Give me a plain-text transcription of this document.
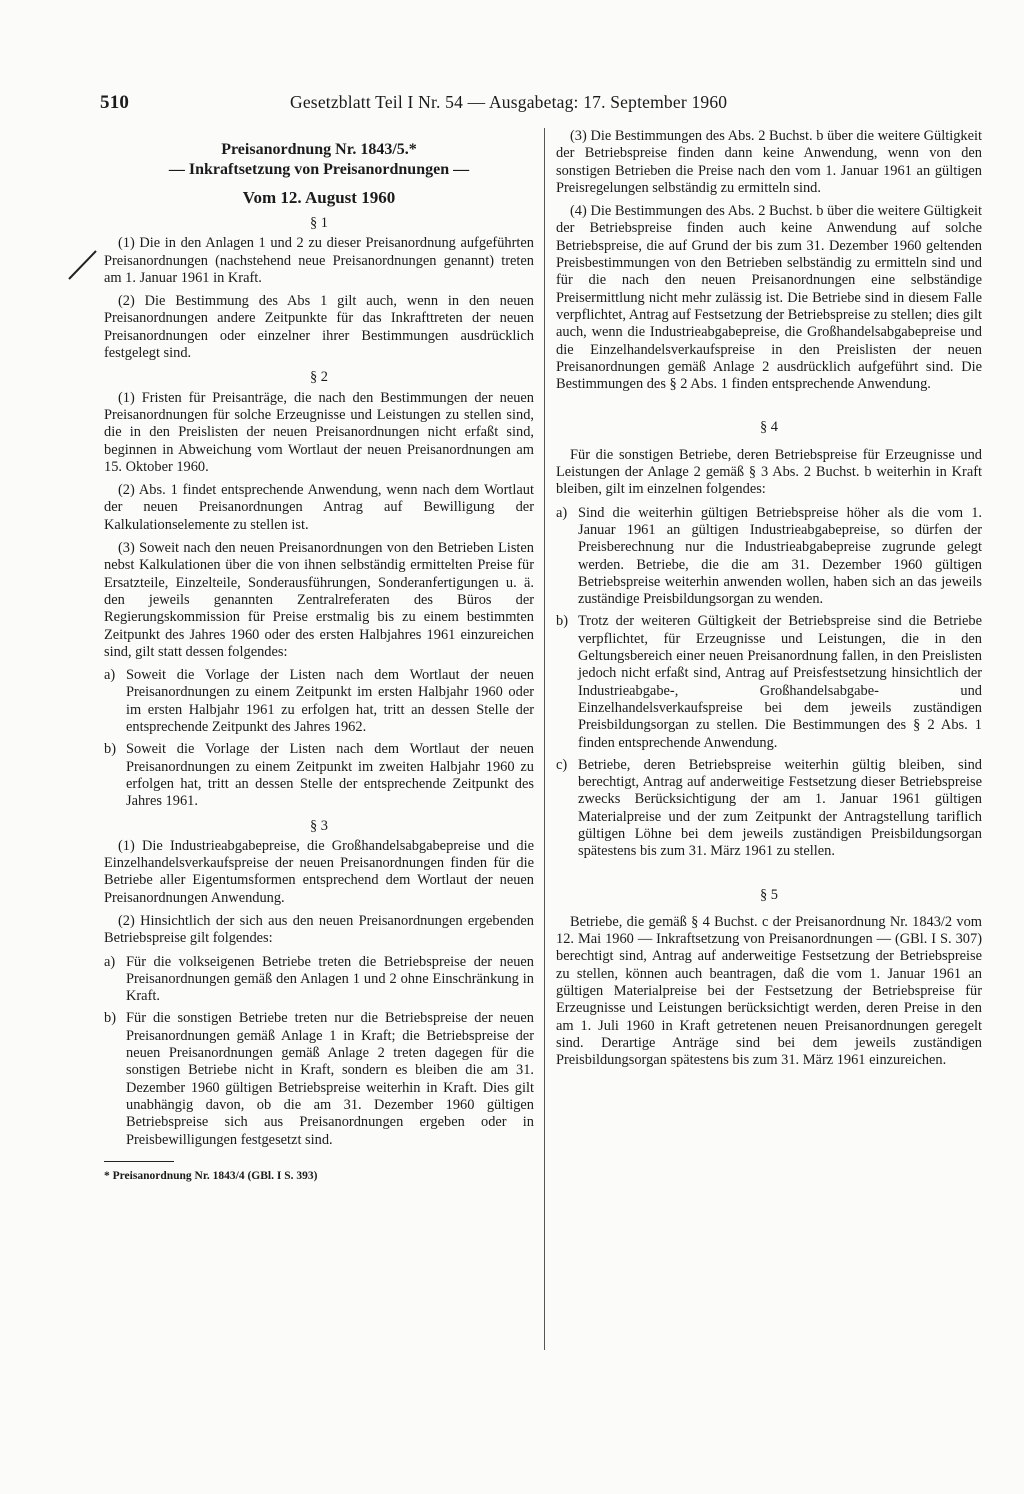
510	Gesetzblatt Teil I Nr. 54 — Ausgabetag: 17. September 1960
Preisanordnung Nr. 1843/5.*
— Inkraftsetzung von Preisanordnungen —
Vom 12. August 1960
§ 1

(1) Die in den Anlagen 1 und 2 zu dieser Preisanordnung aufgeführten Preisanordnungen (nachstehend neue Preisanordnungen genannt) treten am 1. Januar 1961 in Kraft.

(2) Die Bestimmung des Abs 1 gilt auch, wenn in den neuen Preisanordnungen andere Zeitpunkte für das Inkrafttreten der neuen Preisanordnungen oder einzelner ihrer Bestimmungen ausdrücklich festgelegt sind.

§ 2

(1) Fristen für Preisanträge, die nach den Bestimmungen der neuen Preisanordnungen für solche Erzeugnisse und Leistungen zu stellen sind, die in den Preislisten der neuen Preisanordnungen nicht erfaßt sind, beginnen in Abweichung vom Wortlaut der neuen Preisanordnungen am 15. Oktober 1960.

(2) Abs. 1 findet entsprechende Anwendung, wenn nach dem Wortlaut der neuen Preisanordnungen Antrag auf Bewilligung der Kalkulationselemente zu stellen ist.

(3) Soweit nach den neuen Preisanordnungen von den Betrieben Listen nebst Kalkulationen über die von ihnen selbständig ermittelten Preise für Ersatzteile, Einzelteile, Sonderausführungen, Sonderanfertigungen u. ä. den jeweils genannten Zentralreferaten des Büros der Regierungskommission für Preise erstmalig bis zu einem bestimmten Zeitpunkt des Jahres 1960 oder des ersten Halbjahres 1961 einzureichen sind, gilt statt dessen folgendes:

a) Soweit die Vorlage der Listen nach dem Wortlaut der neuen Preisanordnungen zu einem Zeitpunkt im ersten Halbjahr 1960 oder im ersten Halbjahr 1961 zu erfolgen hat, tritt an dessen Stelle der entsprechende Zeitpunkt des Jahres 1962.
b) Soweit die Vorlage der Listen nach dem Wortlaut der neuen Preisanordnungen zu einem Zeitpunkt im zweiten Halbjahr 1960 zu erfolgen hat, tritt an dessen Stelle der entsprechende Zeitpunkt des Jahres 1961.
§ 3

(1) Die Industrieabgabepreise, die Großhandelsabgabepreise und die Einzelhandelsverkaufspreise der neuen Preisanordnungen finden für die Betriebe aller Eigentumsformen entsprechend dem Wortlaut der neuen Preisanordnungen Anwendung.

(2) Hinsichtlich der sich aus den neuen Preisanordnungen ergebenden Betriebspreise gilt folgendes:

a) Für die volkseigenen Betriebe treten die Betriebspreise der neuen Preisanordnungen gemäß den Anlagen 1 und 2 ohne Einschränkung in Kraft.
b) Für die sonstigen Betriebe treten nur die Betriebspreise der neuen Preisanordnungen gemäß Anlage 1 in Kraft; die Betriebspreise der neuen Preisanordnungen gemäß Anlage 2 treten dagegen für die sonstigen Betriebe nicht in Kraft, sondern es bleiben die am 31. Dezember 1960 gültigen Betriebspreise weiterhin in Kraft. Dies gilt unabhängig davon, ob die am 31. Dezember 1960 gültigen Betriebspreise sich aus Preisanordnungen ergeben oder in Preisbewilligungen festgesetzt sind.

* Preisanordnung Nr. 1843/4 (GBl. I S. 393)

(3) Die Bestimmungen des Abs. 2 Buchst. b über die weitere Gültigkeit der Betriebspreise finden dann keine Anwendung, wenn von den sonstigen Betrieben die Preise nach den vom 1. Januar 1961 an gültigen Preisregelungen selbständig zu ermitteln sind.

(4) Die Bestimmungen des Abs. 2 Buchst. b über die weitere Gültigkeit der Betriebspreise finden auch keine Anwendung auf solche Betriebspreise, die auf Grund der bis zum 31. Dezember 1960 geltenden Preisbestimmungen von den Betrieben selbständig zu ermitteln sind und für die nach den neuen Preisanordnungen eine selbständige Preisermittlung nicht mehr zulässig ist. Die Betriebe sind in diesem Falle verpflichtet, Antrag auf Festsetzung der Betriebspreise zu stellen; dies gilt auch, wenn die Industrieabgabepreise, die Großhandelsabgabepreise und die Einzelhandelsverkaufspreise in den Preislisten der neuen Preisanordnungen gemäß Anlage 2 ausdrücklich aufgeführt sind. Die Bestimmungen des § 2 Abs. 1 finden entsprechende Anwendung.

§ 4

Für die sonstigen Betriebe, deren Betriebspreise für Erzeugnisse und Leistungen der Anlage 2 gemäß § 3 Abs. 2 Buchst. b weiterhin in Kraft bleiben, gilt im einzelnen folgendes:

a) Sind die weiterhin gültigen Betriebspreise höher als die vom 1. Januar 1961 an gültigen Industrieabgabepreise, so dürfen der Preisberechnung nur die Industrieabgabepreise zugrunde gelegt werden. Betriebe, die die am 31. Dezember 1960 gültigen Betriebspreise weiterhin anwenden wollen, haben sich an das jeweils zuständige Preisbildungsorgan zu wenden.
b) Trotz der weiteren Gültigkeit der Betriebspreise sind die Betriebe verpflichtet, für Erzeugnisse und Leistungen, die in den Geltungsbereich einer neuen Preisanordnung fallen, in den Preislisten jedoch nicht erfaßt sind, Antrag auf Preisfestsetzung hinsichtlich der Industrieabgabe-, Großhandelsabgabe- und Einzelhandelsverkaufspreise bei dem jeweils zuständigen Preisbildungsorgan zu stellen. Die Bestimmungen des § 2 Abs. 1 finden entsprechende Anwendung.
c) Betriebe, deren Betriebspreise weiterhin gültig bleiben, sind berechtigt, Antrag auf anderweitige Festsetzung dieser Betriebspreise zwecks Berücksichtigung der am 1. Januar 1961 gültigen Materialpreise und der zum Zeitpunkt der Antragstellung tariflich gültigen Löhne bei dem jeweils zuständigen Preisbildungsorgan spätestens bis zum 31. März 1961 zu stellen.
§ 5

Betriebe, die gemäß § 4 Buchst. c der Preisanordnung Nr. 1843/2 vom 12. Mai 1960 — Inkraftsetzung von Preisanordnungen — (GBl. I S. 307) berechtigt sind, Antrag auf anderweitige Festsetzung der Betriebspreise zu stellen, können auch beantragen, daß die vom 1. Januar 1961 an gültigen Materialpreise bei der Festsetzung der Betriebspreise für Erzeugnisse und Leistungen berücksichtigt werden, deren Preise in den am 1. Juli 1960 in Kraft getretenen neuen Preisanordnungen geregelt sind. Derartige Anträge sind bei dem jeweils zuständigen Preisbildungsorgan spätestens bis zum 31. März 1961 einzureichen.
